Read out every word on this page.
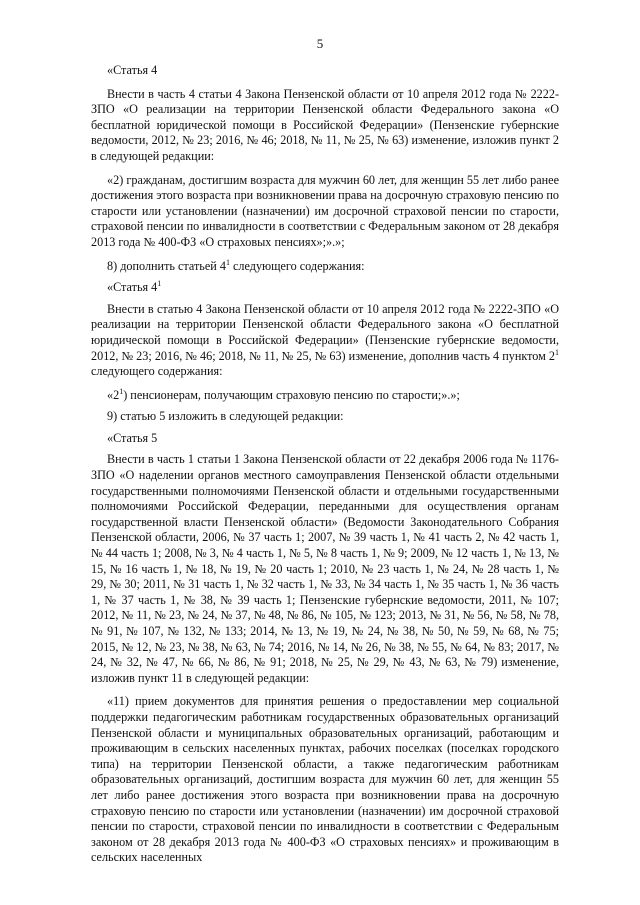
5

«Статья 4

Внести в часть 4 статьи 4 Закона Пензенской области от 10 апреля 2012 года № 2222-ЗПО «О реализации на территории Пензенской области Федерального закона «О бесплатной юридической помощи в Российской Федерации» (Пензенские губернские ведомости, 2012, № 23; 2016, № 46; 2018, № 11, № 25, № 63) изменение, изложив пункт 2 в следующей редакции:

«2) гражданам, достигшим возраста для мужчин 60 лет, для женщин 55 лет либо ранее достижения этого возраста при возникновении права на досрочную страховую пенсию по старости или установлении (назначении) им досрочной страховой пенсии по старости, страховой пенсии по инвалидности в соответствии с Федеральным законом от 28 декабря 2013 года № 400-ФЗ «О страховых пенсиях»;».»;

8) дополнить статьей $4^1$ следующего содержания:

«Статья $4^1$

Внести в статью 4 Закона Пензенской области от 10 апреля 2012 года № 2222-ЗПО «О реализации на территории Пензенской области Федерального закона «О бесплатной юридической помощи в Российской Федерации» (Пензенские губернские ведомости, 2012, № 23; 2016, № 46; 2018, № 11, № 25, № 63) изменение, дополнив часть 4 пунктом $2^1$ следующего содержания:

«$2^1$) пенсионерам, получающим страховую пенсию по старости;».»;

9) статью 5 изложить в следующей редакции:

«Статья 5

Внести в часть 1 статьи 1 Закона Пензенской области от 22 декабря 2006 года № 1176-ЗПО «О наделении органов местного самоуправления Пензенской области отдельными государственными полномочиями Пензенской области и отдельными государственными полномочиями Российской Федерации, переданными для осуществления органам государственной власти Пензенской области» (Ведомости Законодательного Собрания Пензенской области, 2006, № 37 часть 1; 2007, № 39 часть 1, № 41 часть 2, № 42 часть 1, № 44 часть 1; 2008, № 3, № 4 часть 1, № 5, № 8 часть 1, № 9; 2009, № 12 часть 1, № 13, № 15, № 16 часть 1, № 18, № 19, № 20 часть 1; 2010, № 23 часть 1, № 24, № 28 часть 1, № 29, № 30; 2011, № 31 часть 1, № 32 часть 1, № 33, № 34 часть 1, № 35 часть 1, № 36 часть 1, № 37 часть 1, № 38, № 39 часть 1; Пензенские губернские ведомости, 2011, № 107; 2012, № 11, № 23, № 24, № 37, № 48, № 86, № 105, № 123; 2013, № 31, № 56, № 58, № 78, № 91, № 107, № 132, № 133; 2014, № 13, № 19, № 24, № 38, № 50, № 59, № 68, № 75; 2015, № 12, № 23, № 38, № 63, № 74; 2016, № 14, № 26, № 38, № 55, № 64, № 83; 2017, № 24, № 32, № 47, № 66, № 86, № 91; 2018, № 25, № 29, № 43, № 63, № 79) изменение, изложив пункт 11 в следующей редакции:

«11) прием документов для принятия решения о предоставлении мер социальной поддержки педагогическим работникам государственных образовательных организаций Пензенской области и муниципальных образовательных организаций, работающим и проживающим в сельских населенных пунктах, рабочих поселках (поселках городского типа) на территории Пензенской области, а также педагогическим работникам образовательных организаций, достигшим возраста для мужчин 60 лет, для женщин 55 лет либо ранее достижения этого возраста при возникновении права на досрочную страховую пенсию по старости или установлении (назначении) им досрочной страховой пенсии по старости, страховой пенсии по инвалидности в соответствии с Федеральным законом от 28 декабря 2013 года № 400-ФЗ «О страховых пенсиях» и проживающим в сельских населенных
